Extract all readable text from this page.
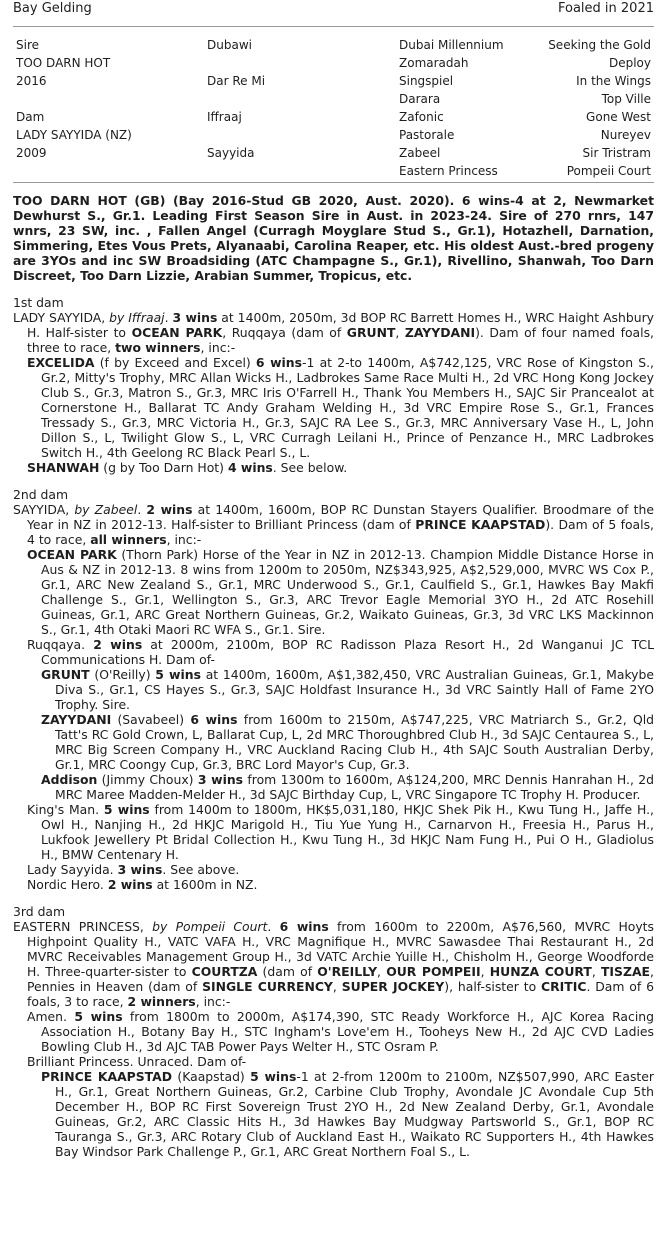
Bay Gelding	Foaled in 2021
Sire
TOO DARN HOT
2016
Dam
LADY SAYYIDA (NZ)
2009
Dubawi
Dar Re Mi
Iffraaj
Sayyida
Dubai Millennium
Zomaradah
Singspiel
Darara
Zafonic
Pastorale
Zabeel
Eastern Princess
Seeking the Gold
Deploy
In the Wings
Top Ville
Gone West
Nureyev
Sir Tristram
Pompeii Court

TOO DARN HOT (GB) (Bay 2016-Stud GB 2020, Aust. 2020). 6 wins-4 at 2, Newmarket Dewhurst S., Gr.1. Leading First Season Sire in Aust. in 2023-24. Sire of 270 rnrs, 147 wnrs, 23 SW, inc. , Fallen Angel (Curragh Moyglare Stud S., Gr.1), Hotazhell, Darnation, Simmering, Etes Vous Prets, Alyanaabi, Carolina Reaper, etc. His oldest Aust.-bred progeny are 3YOs and inc SW Broadsiding (ATC Champagne S., Gr.1), Rivellino, Shanwah, Too Darn Discreet, Too Darn Lizzie, Arabian Summer, Tropicus, etc.

1st dam

LADY SAYYIDA, by Iffraaj. 3 wins at 1400m, 2050m, 3d BOP RC Barrett Homes H., WRC Haight Ashbury H. Half-sister to OCEAN PARK, Ruqqaya (dam of GRUNT, ZAYYDANI). Dam of four named foals, three to race, two winners, inc:-

EXCELIDA (f by Exceed and Excel) 6 wins-1 at 2-to 1400m, A$742,125, VRC Rose of Kingston S., Gr.2, Mitty's Trophy, MRC Allan Wicks H., Ladbrokes Same Race Multi H., 2d VRC Hong Kong Jockey Club S., Gr.3, Matron S., Gr.3, MRC Iris O'Farrell H., Thank You Members H., SAJC Sir Prancealot at Cornerstone H., Ballarat TC Andy Graham Welding H., 3d VRC Empire Rose S., Gr.1, Frances Tressady S., Gr.3, MRC Victoria H., Gr.3, SAJC RA Lee S., Gr.3, MRC Anniversary Vase H., L, John Dillon S., L, Twilight Glow S., L, VRC Curragh Leilani H., Prince of Penzance H., MRC Ladbrokes Switch H., 4th Geelong RC Black Pearl S., L.

SHANWAH (g by Too Darn Hot) 4 wins. See below.

2nd dam

SAYYIDA, by Zabeel. 2 wins at 1400m, 1600m, BOP RC Dunstan Stayers Qualifier. Broodmare of the Year in NZ in 2012-13. Half-sister to Brilliant Princess (dam of PRINCE KAAPSTAD). Dam of 5 foals, 4 to race, all winners, inc:-

OCEAN PARK (Thorn Park) Horse of the Year in NZ in 2012-13. Champion Middle Distance Horse in Aus & NZ in 2012-13. 8 wins from 1200m to 2050m, NZ$343,925, A$2,529,000, MVRC WS Cox P., Gr.1, ARC New Zealand S., Gr.1, MRC Underwood S., Gr.1, Caulfield S., Gr.1, Hawkes Bay Makfi Challenge S., Gr.1, Wellington S., Gr.3, ARC Trevor Eagle Memorial 3YO H., 2d ATC Rosehill Guineas, Gr.1, ARC Great Northern Guineas, Gr.2, Waikato Guineas, Gr.3, 3d VRC LKS Mackinnon S., Gr.1, 4th Otaki Maori RC WFA S., Gr.1. Sire.

Ruqqaya. 2 wins at 2000m, 2100m, BOP RC Radisson Plaza Resort H., 2d Wanganui JC TCL Communications H. Dam of-

GRUNT (O'Reilly) 5 wins at 1400m, 1600m, A$1,382,450, VRC Australian Guineas, Gr.1, Makybe Diva S., Gr.1, CS Hayes S., Gr.3, SAJC Holdfast Insurance H., 3d VRC Saintly Hall of Fame 2YO Trophy. Sire.

ZAYYDANI (Savabeel) 6 wins from 1600m to 2150m, A$747,225, VRC Matriarch S., Gr.2, Qld Tatt's RC Gold Crown, L, Ballarat Cup, L, 2d MRC Thoroughbred Club H., 3d SAJC Centaurea S., L, MRC Big Screen Company H., VRC Auckland Racing Club H., 4th SAJC South Australian Derby, Gr.1, MRC Coongy Cup, Gr.3, BRC Lord Mayor's Cup, Gr.3.

Addison (Jimmy Choux) 3 wins from 1300m to 1600m, A$124,200, MRC Dennis Hanrahan H., 2d MRC Maree Madden-Melder H., 3d SAJC Birthday Cup, L, VRC Singapore TC Trophy H. Producer.

King's Man. 5 wins from 1400m to 1800m, HK$5,031,180, HKJC Shek Pik H., Kwu Tung H., Jaffe H., Owl H., Nanjing H., 2d HKJC Marigold H., Tiu Yue Yung H., Carnarvon H., Freesia H., Parus H., Lukfook Jewellery Pt Bridal Collection H., Kwu Tung H., 3d HKJC Nam Fung H., Pui O H., Gladiolus H., BMW Centenary H.

Lady Sayyida. 3 wins. See above.

Nordic Hero. 2 wins at 1600m in NZ.

3rd dam

EASTERN PRINCESS, by Pompeii Court. 6 wins from 1600m to 2200m, A$76,560, MVRC Hoyts Highpoint Quality H., VATC VAFA H., VRC Magnifique H., MVRC Sawasdee Thai Restaurant H., 2d MVRC Receivables Management Group H., 3d VATC Archie Yuille H., Chisholm H., George Woodforde H. Three-quarter-sister to COURTZA (dam of O'REILLY, OUR POMPEII, HUNZA COURT, TISZAE, Pennies in Heaven (dam of SINGLE CURRENCY, SUPER JOCKEY), half-sister to CRITIC. Dam of 6 foals, 3 to race, 2 winners, inc:-

Amen. 5 wins from 1800m to 2000m, A$174,390, STC Ready Workforce H., AJC Korea Racing Association H., Botany Bay H., STC Ingham's Love'em H., Tooheys New H., 2d AJC CVD Ladies Bowling Club H., 3d AJC TAB Power Pays Welter H., STC Osram P.

Brilliant Princess. Unraced. Dam of-

PRINCE KAAPSTAD (Kaapstad) 5 wins-1 at 2-from 1200m to 2100m, NZ$507,990, ARC Easter H., Gr.1, Great Northern Guineas, Gr.2, Carbine Club Trophy, Avondale JC Avondale Cup 5th December H., BOP RC First Sovereign Trust 2YO H., 2d New Zealand Derby, Gr.1, Avondale Guineas, Gr.2, ARC Classic Hits H., 3d Hawkes Bay Mudgway Partsworld S., Gr.1, BOP RC Tauranga S., Gr.3, ARC Rotary Club of Auckland East H., Waikato RC Supporters H., 4th Hawkes Bay Windsor Park Challenge P., Gr.1, ARC Great Northern Foal S., L.
